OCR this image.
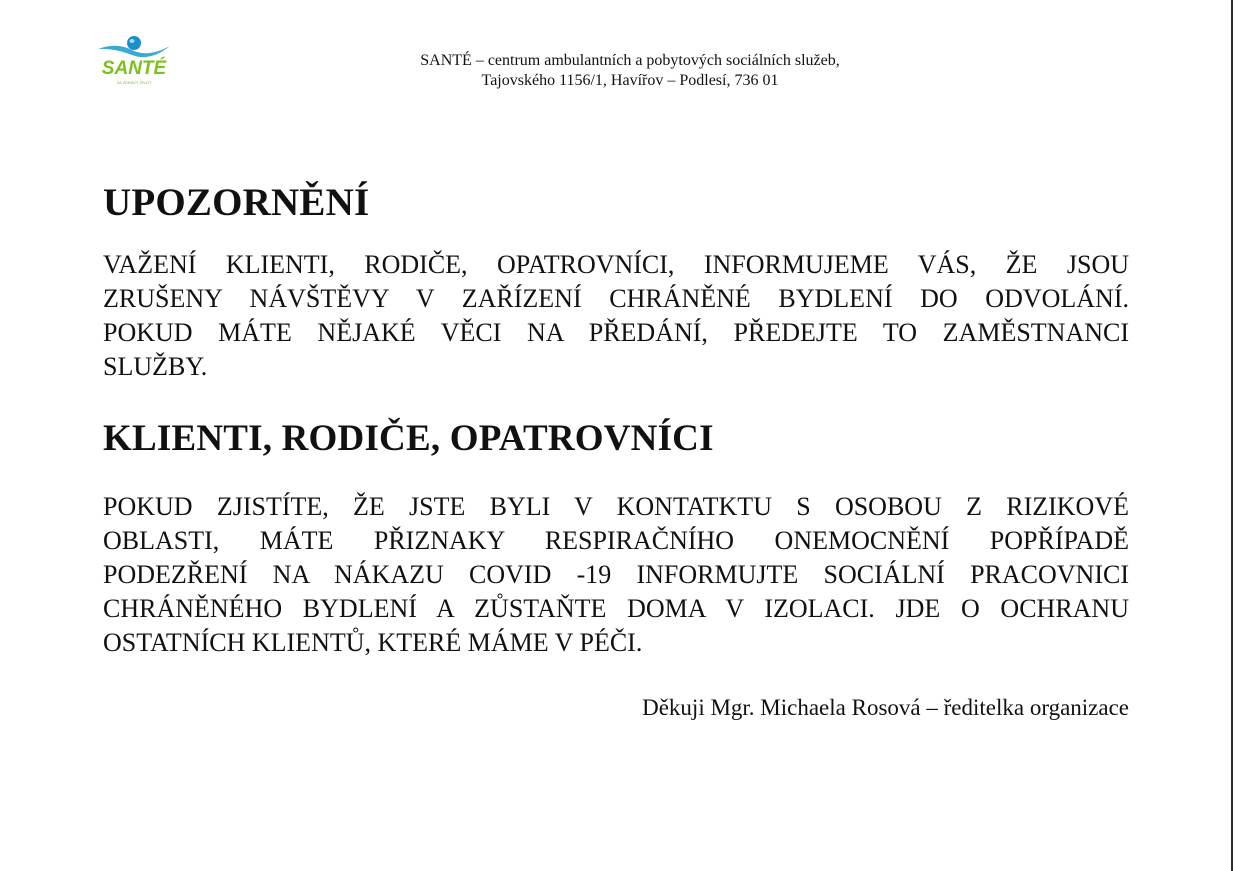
SANTÉ
ZA ZDRAVÝ ŽIVOT
SANTÉ – centrum ambulantních a pobytových sociálních služeb,
Tajovského 1156/1, Havířov – Podlesí, 736 01
UPOZORNĚNÍ

VAŽENÍ KLIENTI, RODIČE, OPATROVNÍCI, INFORMUJEME VÁS, ŽE JSOU
ZRUŠENY NÁVŠTĚVY V ZAŘÍZENÍ CHRÁNĚNÉ BYDLENÍ DO ODVOLÁNÍ.
POKUD MÁTE NĚJAKÉ VĚCI NA PŘEDÁNÍ, PŘEDEJTE TO ZAMĚSTNANCI
SLUŽBY.

KLIENTI, RODIČE, OPATROVNÍCI

POKUD ZJISTÍTE, ŽE JSTE BYLI V KONTATKTU S OSOBOU Z RIZIKOVÉ
OBLASTI, MÁTE PŘIZNAKY RESPIRAČNÍHO ONEMOCNĚNÍ POPŘÍPADĚ
PODEZŘENÍ NA NÁKAZU COVID -19 INFORMUJTE SOCIÁLNÍ PRACOVNICI
CHRÁNĚNÉHO BYDLENÍ A ZŮSTAŇTE DOMA V IZOLACI. JDE O OCHRANU
OSTATNÍCH KLIENTŮ, KTERÉ MÁME V PÉČI.

Děkuji Mgr. Michaela Rosová – ředitelka organizace
